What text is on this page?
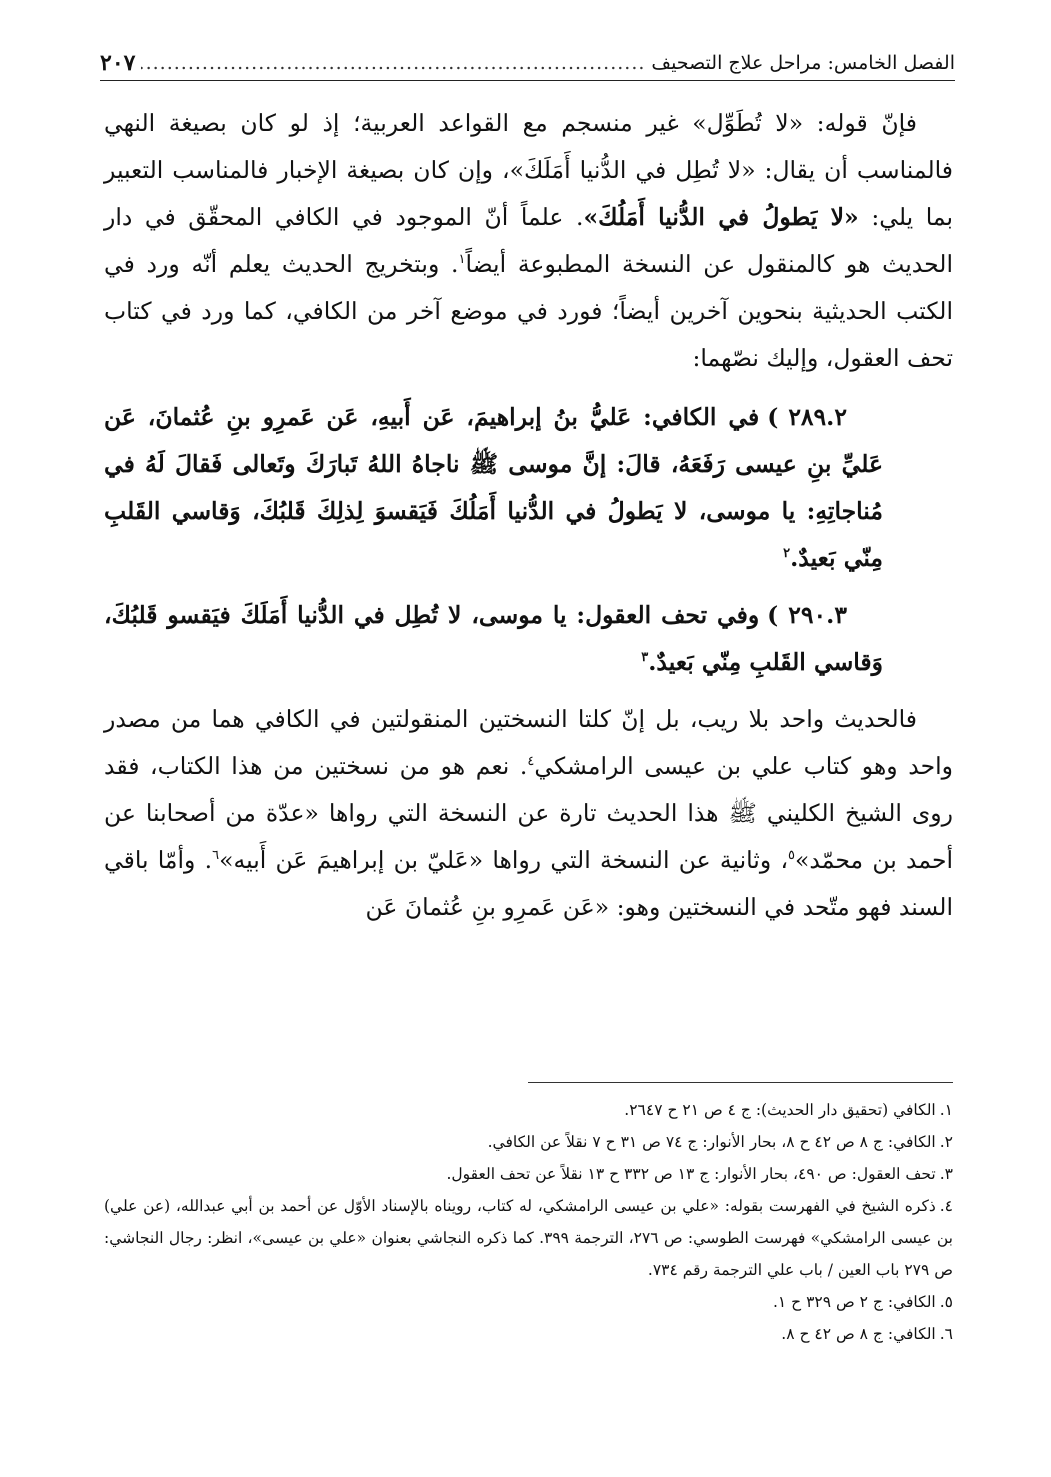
الفصل الخامس: مراحل علاج التصحيف
.....
٢٠٧

فإنّ قوله: «لا تُطَوِّل» غير منسجم مع القواعد العربية؛ إذ لو كان بصيغة النهي فالمناسب أن يقال: «لا تُطِل في الدُّنيا أَمَلَكَ»، وإن كان بصيغة الإخبار فالمناسب التعبير بما يلي: «لا يَطولُ في الدُّنيا أَمَلُكَ». علماً أنّ الموجود في الكافي المحقّق في دار الحديث هو كالمنقول عن النسخة المطبوعة أيضاً$^١$. وبتخريج الحديث يعلم أنّه ورد في الكتب الحديثية بنحوين آخرين أيضاً؛ فورد في موضع آخر من الكافي، كما ورد في كتاب تحف العقول، وإليك نصّهما:

٢٨٩.٢)في الكافي: عَليُّ بنُ إبراهيمَ، عَن أَبيهِ، عَن عَمرِو بنِ عُثمانَ، عَن عَليِّ بنِ عيسى رَفَعَهُ، قالَ: إنَّ موسى ﷺ ناجاهُ اللهُ تَبارَكَ وتَعالى فَقالَ لَهُ في مُناجاتِهِ: يا موسى، لا يَطولُ في الدُّنيا أَمَلُكَ فَيَقسوَ لِذلِكَ قَلبُكَ، وَقاسي القَلبِ مِنّي بَعيدٌ.$^٢$

٢٩٠.٣)وفي تحف العقول: يا موسى، لا تُطِل في الدُّنيا أَمَلَكَ فيَقسو قَلبُكَ، وَقاسي القَلبِ مِنّي بَعيدٌ.$^٣$

فالحديث واحد بلا ريب، بل إنّ كلتا النسختين المنقولتين في الكافي هما من مصدر واحد وهو كتاب علي بن عيسى الرامشكي$^٤$. نعم هو من نسختين من هذا الكتاب، فقد روى الشيخ الكليني ﷺ هذا الحديث تارة عن النسخة التي رواها «عدّة من أصحابنا عن أحمد بن محمّد»$^٥$، وثانية عن النسخة التي رواها «عَليّ بن إبراهيمَ عَن أَبيه»$^٦$. وأمّا باقي السند فهو متّحد في النسختين وهو: «عَن عَمرِو بنِ عُثمانَ عَن

١.الكافي (تحقيق دار الحديث): ج ٤ ص ٢١ ح ٢٦٤٧.

٢.الكافي: ج ٨ ص ٤٢ ح ٨، بحار الأنوار: ج ٧٤ ص ٣١ ح ٧ نقلاً عن الكافي.

٣.تحف العقول: ص ٤٩٠، بحار الأنوار: ج ١٣ ص ٣٣٢ ح ١٣ نقلاً عن تحف العقول.

٤.ذكره الشيخ في الفهرست بقوله: «علي بن عيسى الرامشكي، له كتاب، رويناه بالإسناد الأوّل عن أحمد بن أبي عبدالله، (عن علي) بن عيسى الرامشكي» فهرست الطوسي: ص ٢٧٦، الترجمة ٣٩٩. كما ذكره النجاشي بعنوان «علي بن عيسى»، انظر: رجال النجاشي: ص ٢٧٩ باب العين / باب علي الترجمة رقم ٧٣٤.

٥.الكافي: ج ٢ ص ٣٢٩ ح ١.

٦.الكافي: ج ٨ ص ٤٢ ح ٨.
